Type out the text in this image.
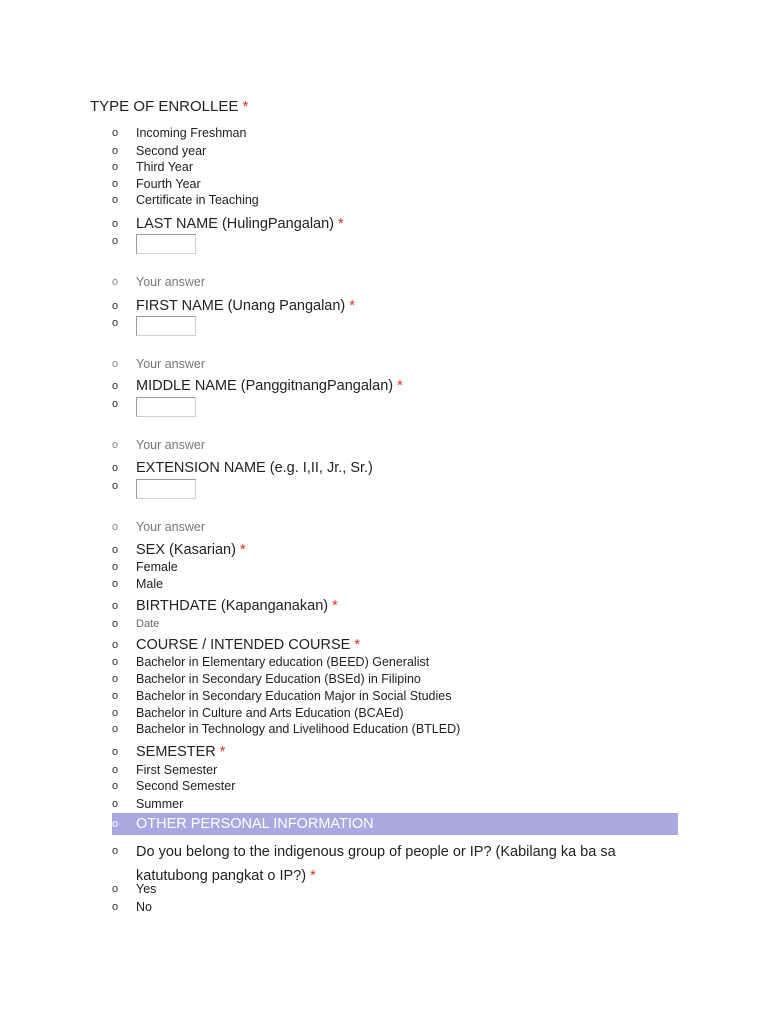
TYPE OF ENROLLEE *
o Incoming Freshman
o Second year
o Third Year
o Fourth Year
o Certificate in Teaching
o LAST NAME (HulingPangalan) *
o
o Your answer
o FIRST NAME (Unang Pangalan) *
o
o Your answer
o MIDDLE NAME (PanggitnangPangalan) *
o
o Your answer
o EXTENSION NAME (e.g. I,II, Jr., Sr.)
o
o Your answer
o SEX (Kasarian) *
o Female
o Male
o BIRTHDATE (Kapanganakan) *
o Date
o COURSE / INTENDED COURSE *
o Bachelor in Elementary education (BEED) Generalist
o Bachelor in Secondary Education (BSEd) in Filipino
o Bachelor in Secondary Education Major in Social Studies
o Bachelor in Culture and Arts Education (BCAEd)
o Bachelor in Technology and Livelihood Education (BTLED)
o SEMESTER *
o First Semester
o Second Semester
o Summer
o OTHER PERSONAL INFORMATION
o Do you belong to the indigenous group of people or IP? (Kabilang ka ba sa
katutubong pangkat o IP?) *
o Yes
o No
